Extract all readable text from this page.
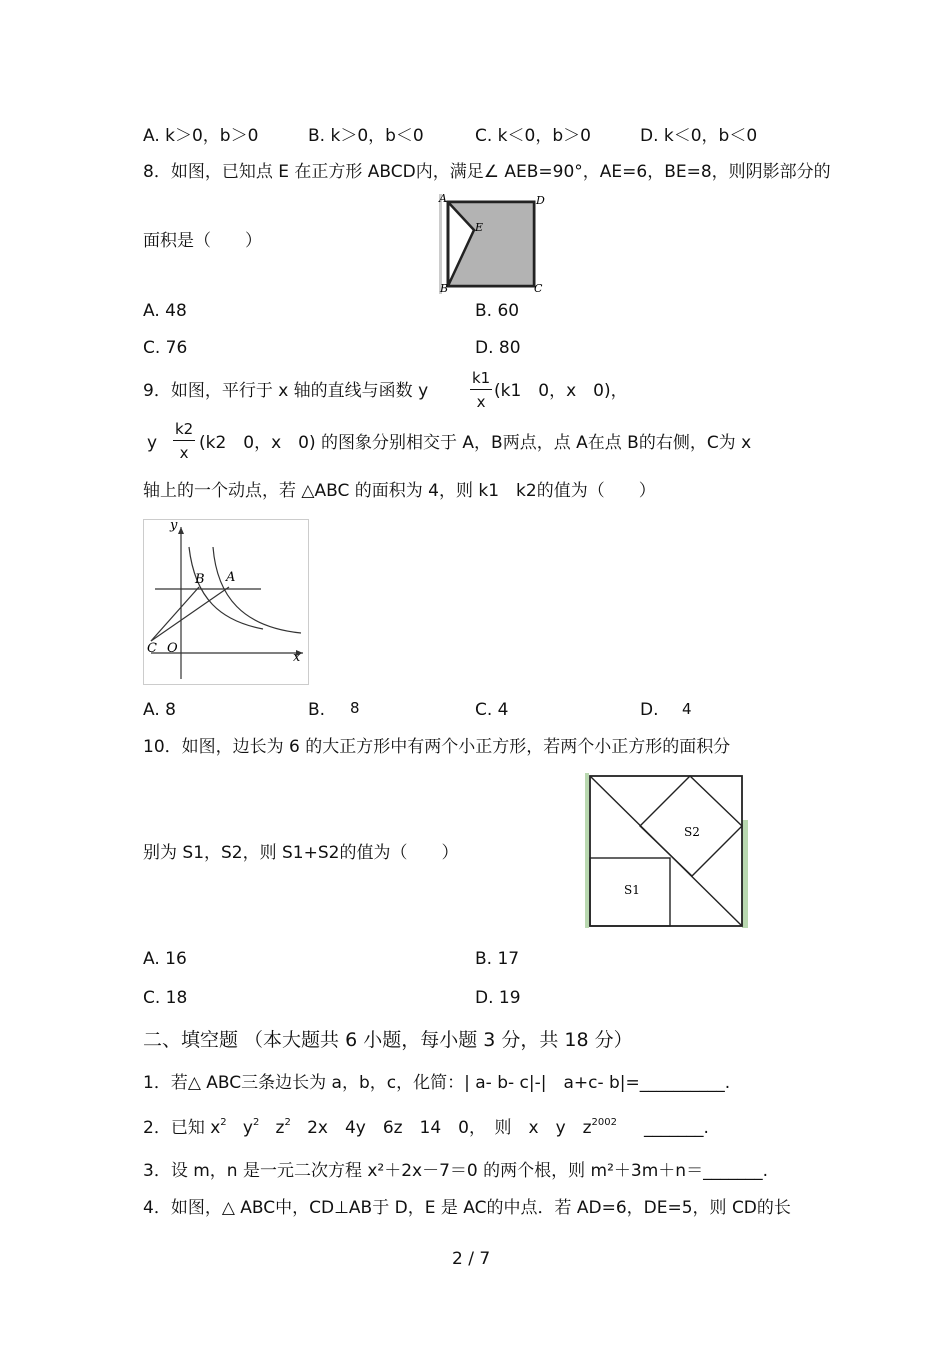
A. k＞0，b＞0	B. k＞0，b＜0	C. k＜0，b＞0	D. k＜0，b＜0
8．如图，已知点 E 在正方形 ABCD内，满足∠ AEB=90°，AE=6，BE=8，则阴影部分的
面积是（　　）
A	D
E
B	C
A. 48	B. 60
C. 76	D. 80
9．如图，平行于 x 轴的直线与函数 y	$\frac{k1}{x} (k1$　0，x　0)，
y $\frac{k2}{x} (k2$　0，x　0) 的图象分别相交于 A，B两点，点 A在点 B的右侧，C为 x
轴上的一个动点，若 △ABC 的面积为 4，则 k1　k2的值为（　　）
y
x
B A
C O
A. 8	B. 8	C. 4	D. 4
10．如图，边长为 6 的大正方形中有两个小正方形，若两个小正方形的面积分
别为 S1，S2，则 S1+S2的值为（　　）
S1
S2
A. 16	B. 17
C. 18	D. 19
二、填空题 （本大题共 6 小题，每小题 3 分，共 18 分）
1．若△ ABC三条边长为 a，b，c，化简：| a- b- c|-|　a+c- b|=__________.
2．已知 $x^2$ $y^2$ $z^2$ 2x　4y　6z　14　0，　则　x　y　$z^{2002}$ _______.
3．设 m，n 是一元二次方程 x²＋2x－7＝0 的两个根，则 m²＋3m＋n＝_______.
4．如图，△ ABC中，CD⊥AB于 D，E 是 AC的中点．若 AD=6，DE=5，则 CD的长
2 / 7
